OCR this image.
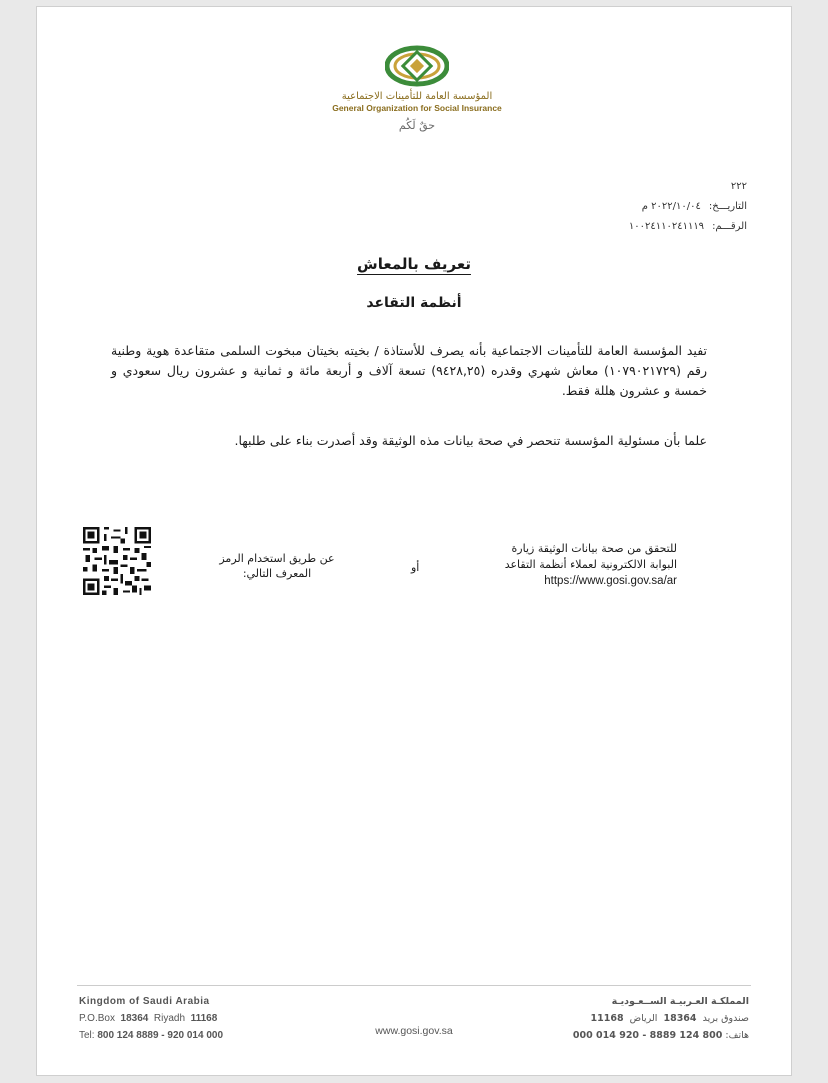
المؤسسة العامة للتأمينات الاجتماعية
General Organization for Social Insurance
حقٌ لَكُم
٢٢٢
التاريـــخ:٢٠٢٢/١٠/٠٤ م
الرقـــم:١٠٠٢٤١١٠٢٤١١١٩
تعريف بالمعاش
أنظمة التقاعد
تفيد المؤسسة العامة للتأمينات الاجتماعية بأنه يصرف للأستاذة / بخيته بخيتان مبخوت السلمى متقاعدة هوية وطنية رقم (١٠٧٩٠٢١٧٢٩) معاش شهري وقدره (٩٤٢٨,٢٥) تسعة آلاف و أربعة مائة و ثمانية و عشرون ريال سعودي و خمسة و عشرون هللة فقط.
علما بأن مسئولية المؤسسة تنحصر في صحة بيانات مذه الوثيقة وقد أصدرت بناء على طلبها.
للتحقق من صحة بيانات الوثيقة زيارة
البوابة الالكترونية لعملاء أنظمة التقاعد
https://www.gosi.gov.sa/ar
أو
عن طريق استخدام الرمز
المعرف التالي:
Kingdom of Saudi Arabia
P.O.Box 18364 Riyadh 11168
Tel: 800 124 8889 - 920 014 000	www.gosi.gov.sa
المملكـة العـربيـة الســعـوديـة
صندوق بريد  18364  الرياض  11168
هاتف: 800 124 8889 - 920 014 000
